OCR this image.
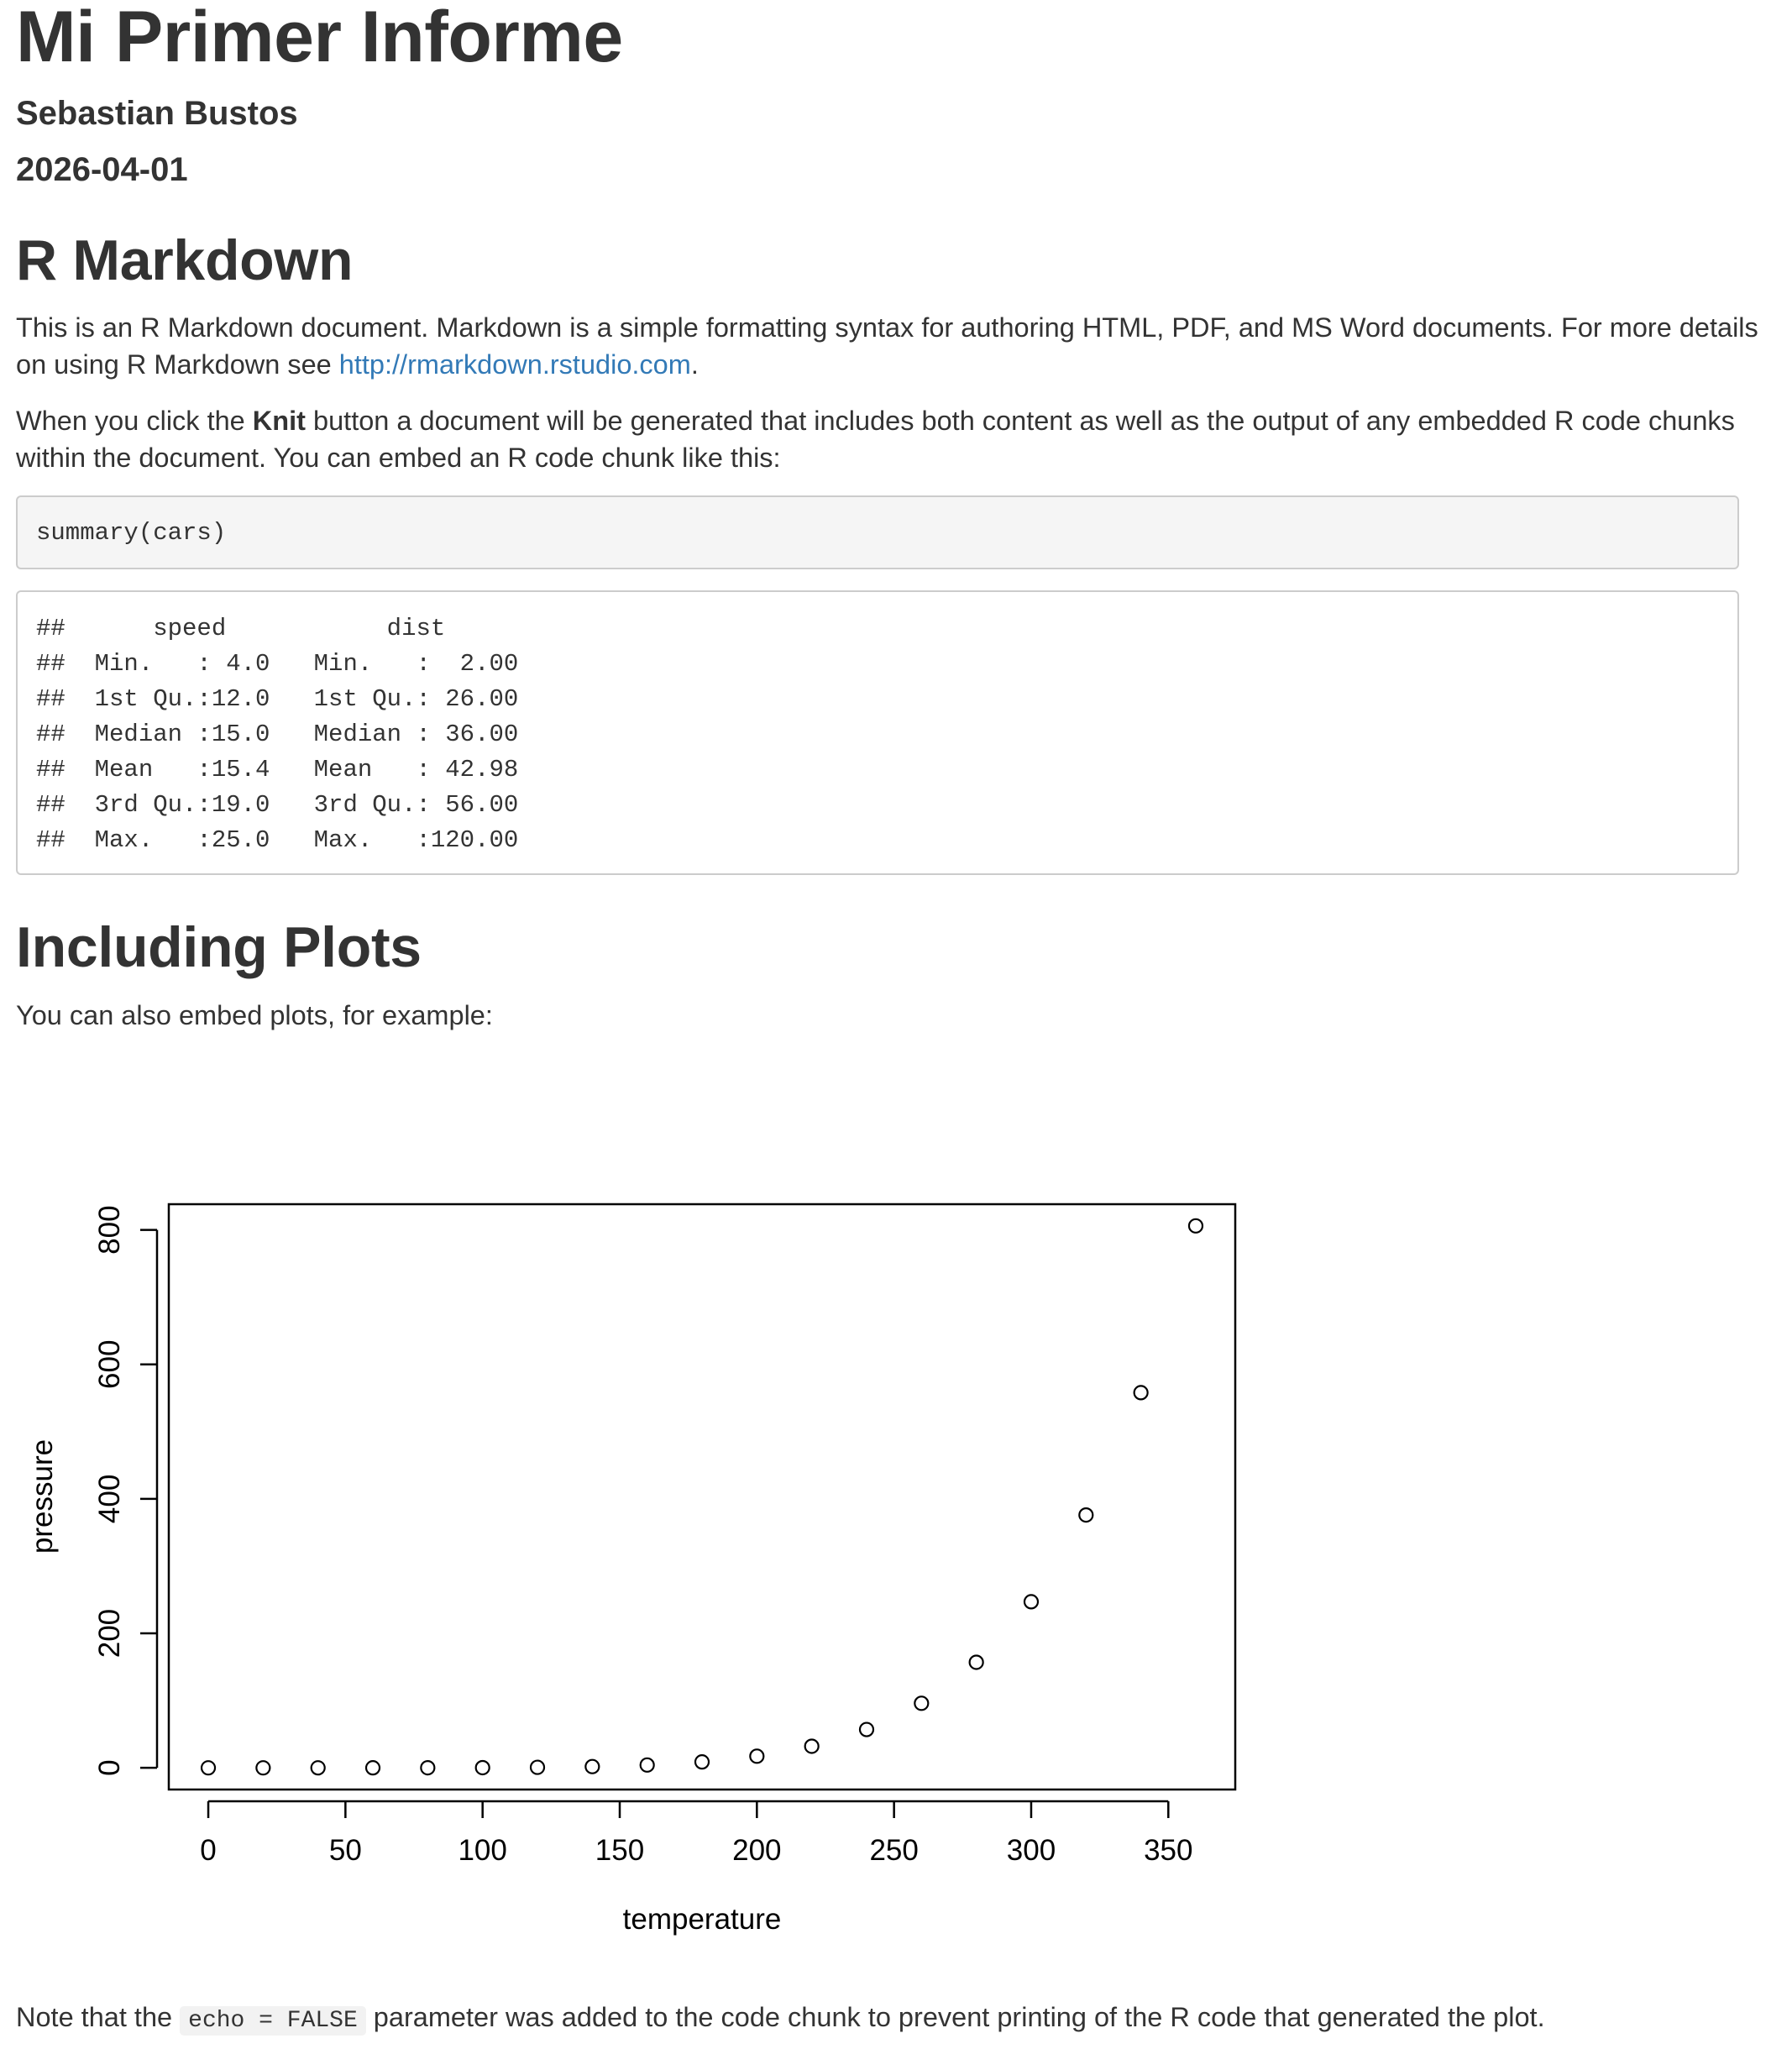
Mi Primer Informe
Sebastian Bustos
2026-04-01
R Markdown

This is an R Markdown document. Markdown is a simple formatting syntax for authoring HTML, PDF, and MS Word documents. For more details on using R Markdown see http://rmarkdown.rstudio.com.

When you click the Knit button a document will be generated that includes both content as well as the output of any embedded R code chunks within the document. You can embed an R code chunk like this:

summary(cars)
##      speed           dist
##  Min.   : 4.0   Min.   :  2.00
##  1st Qu.:12.0   1st Qu.: 26.00
##  Median :15.0   Median : 36.00
##  Mean   :15.4   Mean   : 42.98
##  3rd Qu.:19.0   3rd Qu.: 56.00
##  Max.   :25.0   Max.   :120.00
Including Plots

You can also embed plots, for example:

Note that the echo = FALSE parameter was added to the code chunk to prevent printing of the R code that generated the plot.

0	50	100	150	200	250	300	350
0
200
400
600
800
temperature
pressure
